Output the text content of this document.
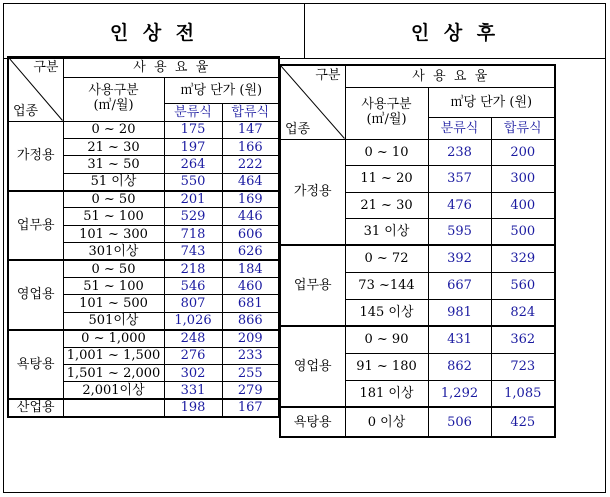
인 상 전	인 상 후
구분
업종	사  용  요  율		

	사용구분
(㎥/월)	㎥당 단가 (원)	
		분류식	합류식
가정용	0 ~ 20	175	147
	21 ~ 30	197	166
	31 ~ 50	264	222
	51 이상	550	464
업무용	0 ~ 50	201	169
	51 ~ 100	529	446
	101 ~ 300	718	606
	301이상	743	626
영업용	0 ~ 50	218	184
	51 ~ 100	546	460
	101 ~ 500	807	681
	501이상	1,026	866
욕탕용	0 ~ 1,000	248	209
	1,001 ~ 1,500	276	233
	1,501 ~ 2,000	302	255
	2,001이상	331	279
산업용		198	167
구분
업종	사  용  요  율		

	사용구분
(㎥/월)	㎥당 단가 (원)	
		분류식	합류식
가정용	0 ~ 10	238	200
	11 ~ 20	357	300
	21 ~ 30	476	400
	31 이상	595	500
업무용	0 ~ 72	392	329
	73 ~144	667	560
	145 이상	981	824
영업용	0 ~ 90	431	362
	91 ~ 180	862	723
	181 이상	1,292	1,085
욕탕용	0 이상	506	425
